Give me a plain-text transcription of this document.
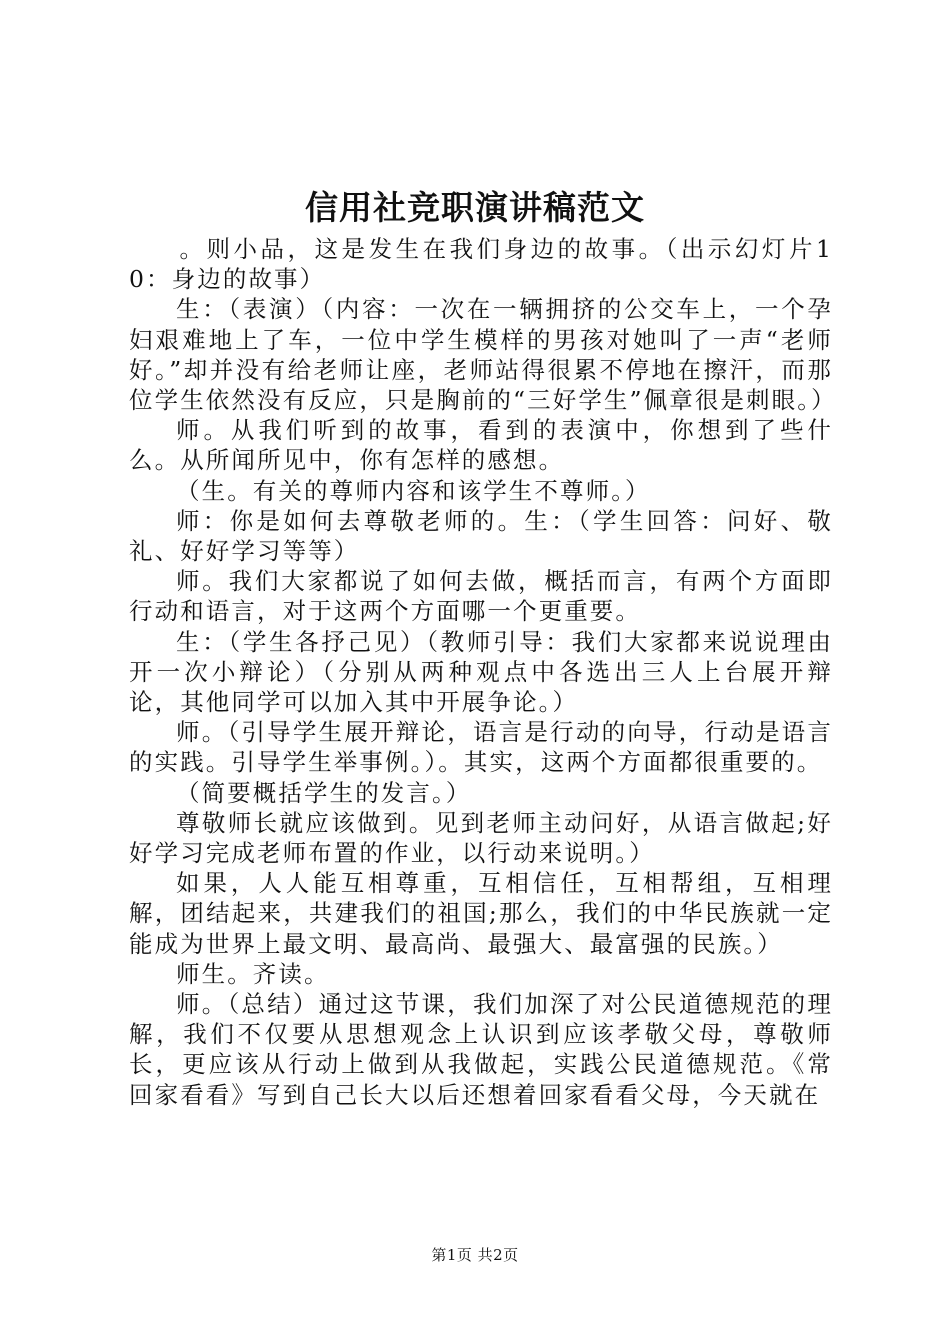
信用社竞职演讲稿范文

。则小品，这是发生在我们身边的故事。（出示幻灯片10：身边的故事）

生：（表演）（内容：一次在一辆拥挤的公交车上，一个孕妇艰难地上了车，一位中学生模样的男孩对她叫了一声“老师好。”却并没有给老师让座，老师站得很累不停地在擦汗，而那位学生依然没有反应，只是胸前的“三好学生”佩章很是刺眼。）

师。从我们听到的故事，看到的表演中，你想到了些什么。从所闻所见中，你有怎样的感想。

（生。有关的尊师内容和该学生不尊师。）

师：你是如何去尊敬老师的。生：（学生回答：问好、敬礼、好好学习等等）

师。我们大家都说了如何去做，概括而言，有两个方面即行动和语言，对于这两个方面哪一个更重要。

生：（学生各抒己见）（教师引导：我们大家都来说说理由开一次小辩论）（分别从两种观点中各选出三人上台展开辩论，其他同学可以加入其中开展争论。）

师。（引导学生展开辩论，语言是行动的向导，行动是语言的实践。引导学生举事例。）。其实，这两个方面都很重要的。

（简要概括学生的发言。）

尊敬师长就应该做到。见到老师主动问好，从语言做起;好好学习完成老师布置的作业，以行动来说明。）

如果，人人能互相尊重，互相信任，互相帮组，互相理解，团结起来，共建我们的祖国;那么，我们的中华民族就一定能成为世界上最文明、最高尚、最强大、最富强的民族。）

师生。齐读。

师。（总结）通过这节课，我们加深了对公民道德规范的理解，我们不仅要从思想观念上认识到应该孝敬父母，尊敬师长，更应该从行动上做到从我做起，实践公民道德规范。《常回家看看》写到自己长大以后还想着回家看看父母，今天就在

第1页 共2页
